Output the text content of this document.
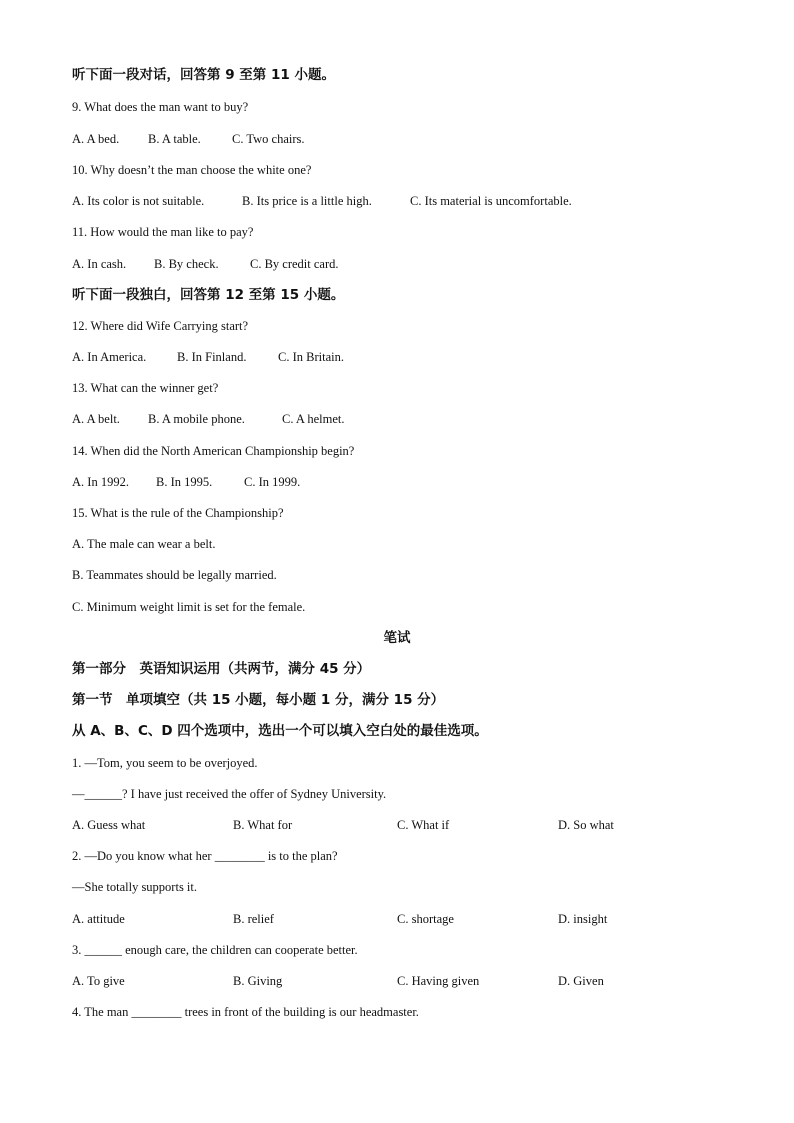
听下面一段对话，回答第 9 至第 11 小题。
9. What does the man want to buy?
A. A bed. B. A table. C. Two chairs.
10. Why doesn’t the man choose the white one?
A. Its color is not suitable.	B. Its price is a little high.	C. Its material is uncomfortable.
11. How would the man like to pay?
A. In cash. B. By check.	C. By credit card.
听下面一段独白，回答第 12 至第 15 小题。
12. Where did Wife Carrying start?
A. In America. B. In Finland.	C. In Britain.
13. What can the winner get?
A. A belt. B. A mobile phone.	C. A helmet.
14. When did the North American Championship begin?
A. In 1992. B. In 1995.	C. In 1999.
15. What is the rule of the Championship?
A. The male can wear a belt.
B. Teammates should be legally married.
C. Minimum weight limit is set for the female.
笔试
第一部分　英语知识运用（共两节，满分 45 分）
第一节　单项填空（共 15 小题，每小题 1 分，满分 15 分）
从 A、B、C、D 四个选项中，选出一个可以填入空白处的最佳选项。
1. —Tom, you seem to be overjoyed.
—______? I have just received the offer of Sydney University.
A. Guess what	B. What for	C. What if	D. So what
2. —Do you know what her ________ is to the plan?
—She totally supports it.
A. attitude	B. relief	C. shortage	D. insight
3. ______ enough care, the children can cooperate better.
A. To give	B. Giving	C. Having given	D. Given
4. The man ________ trees in front of the building is our headmaster.
